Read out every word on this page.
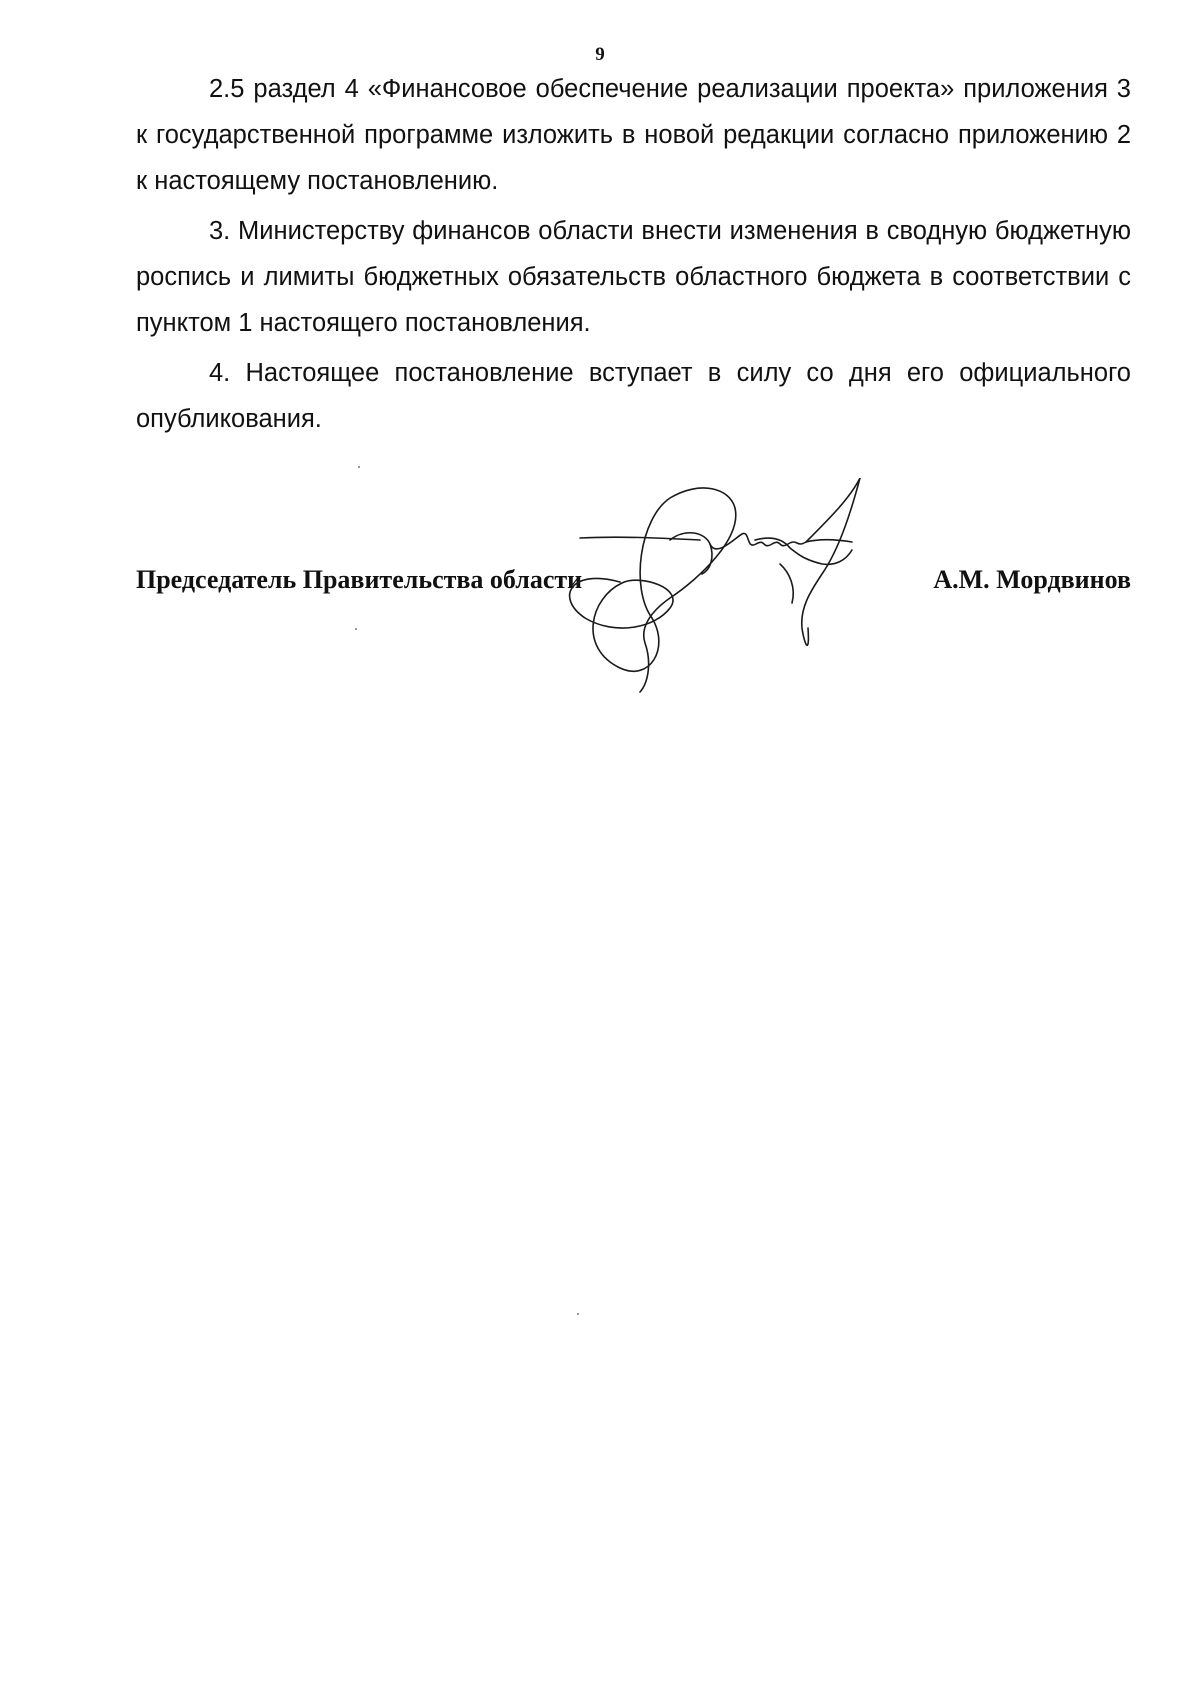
9

2.5 раздел 4 «Финансовое обеспечение реализации проекта» приложения 3 к государственной программе изложить в новой редакции согласно приложению 2 к настоящему постановлению.

3. Министерству финансов области внести изменения в сводную бюджетную роспись и лимиты бюджетных обязательств областного бюджета в соответствии с пунктом 1 настоящего постановления.

4. Настоящее постановление вступает в силу со дня его официального опубликования.

Председатель Правительства области	А.М. Мордвинов
